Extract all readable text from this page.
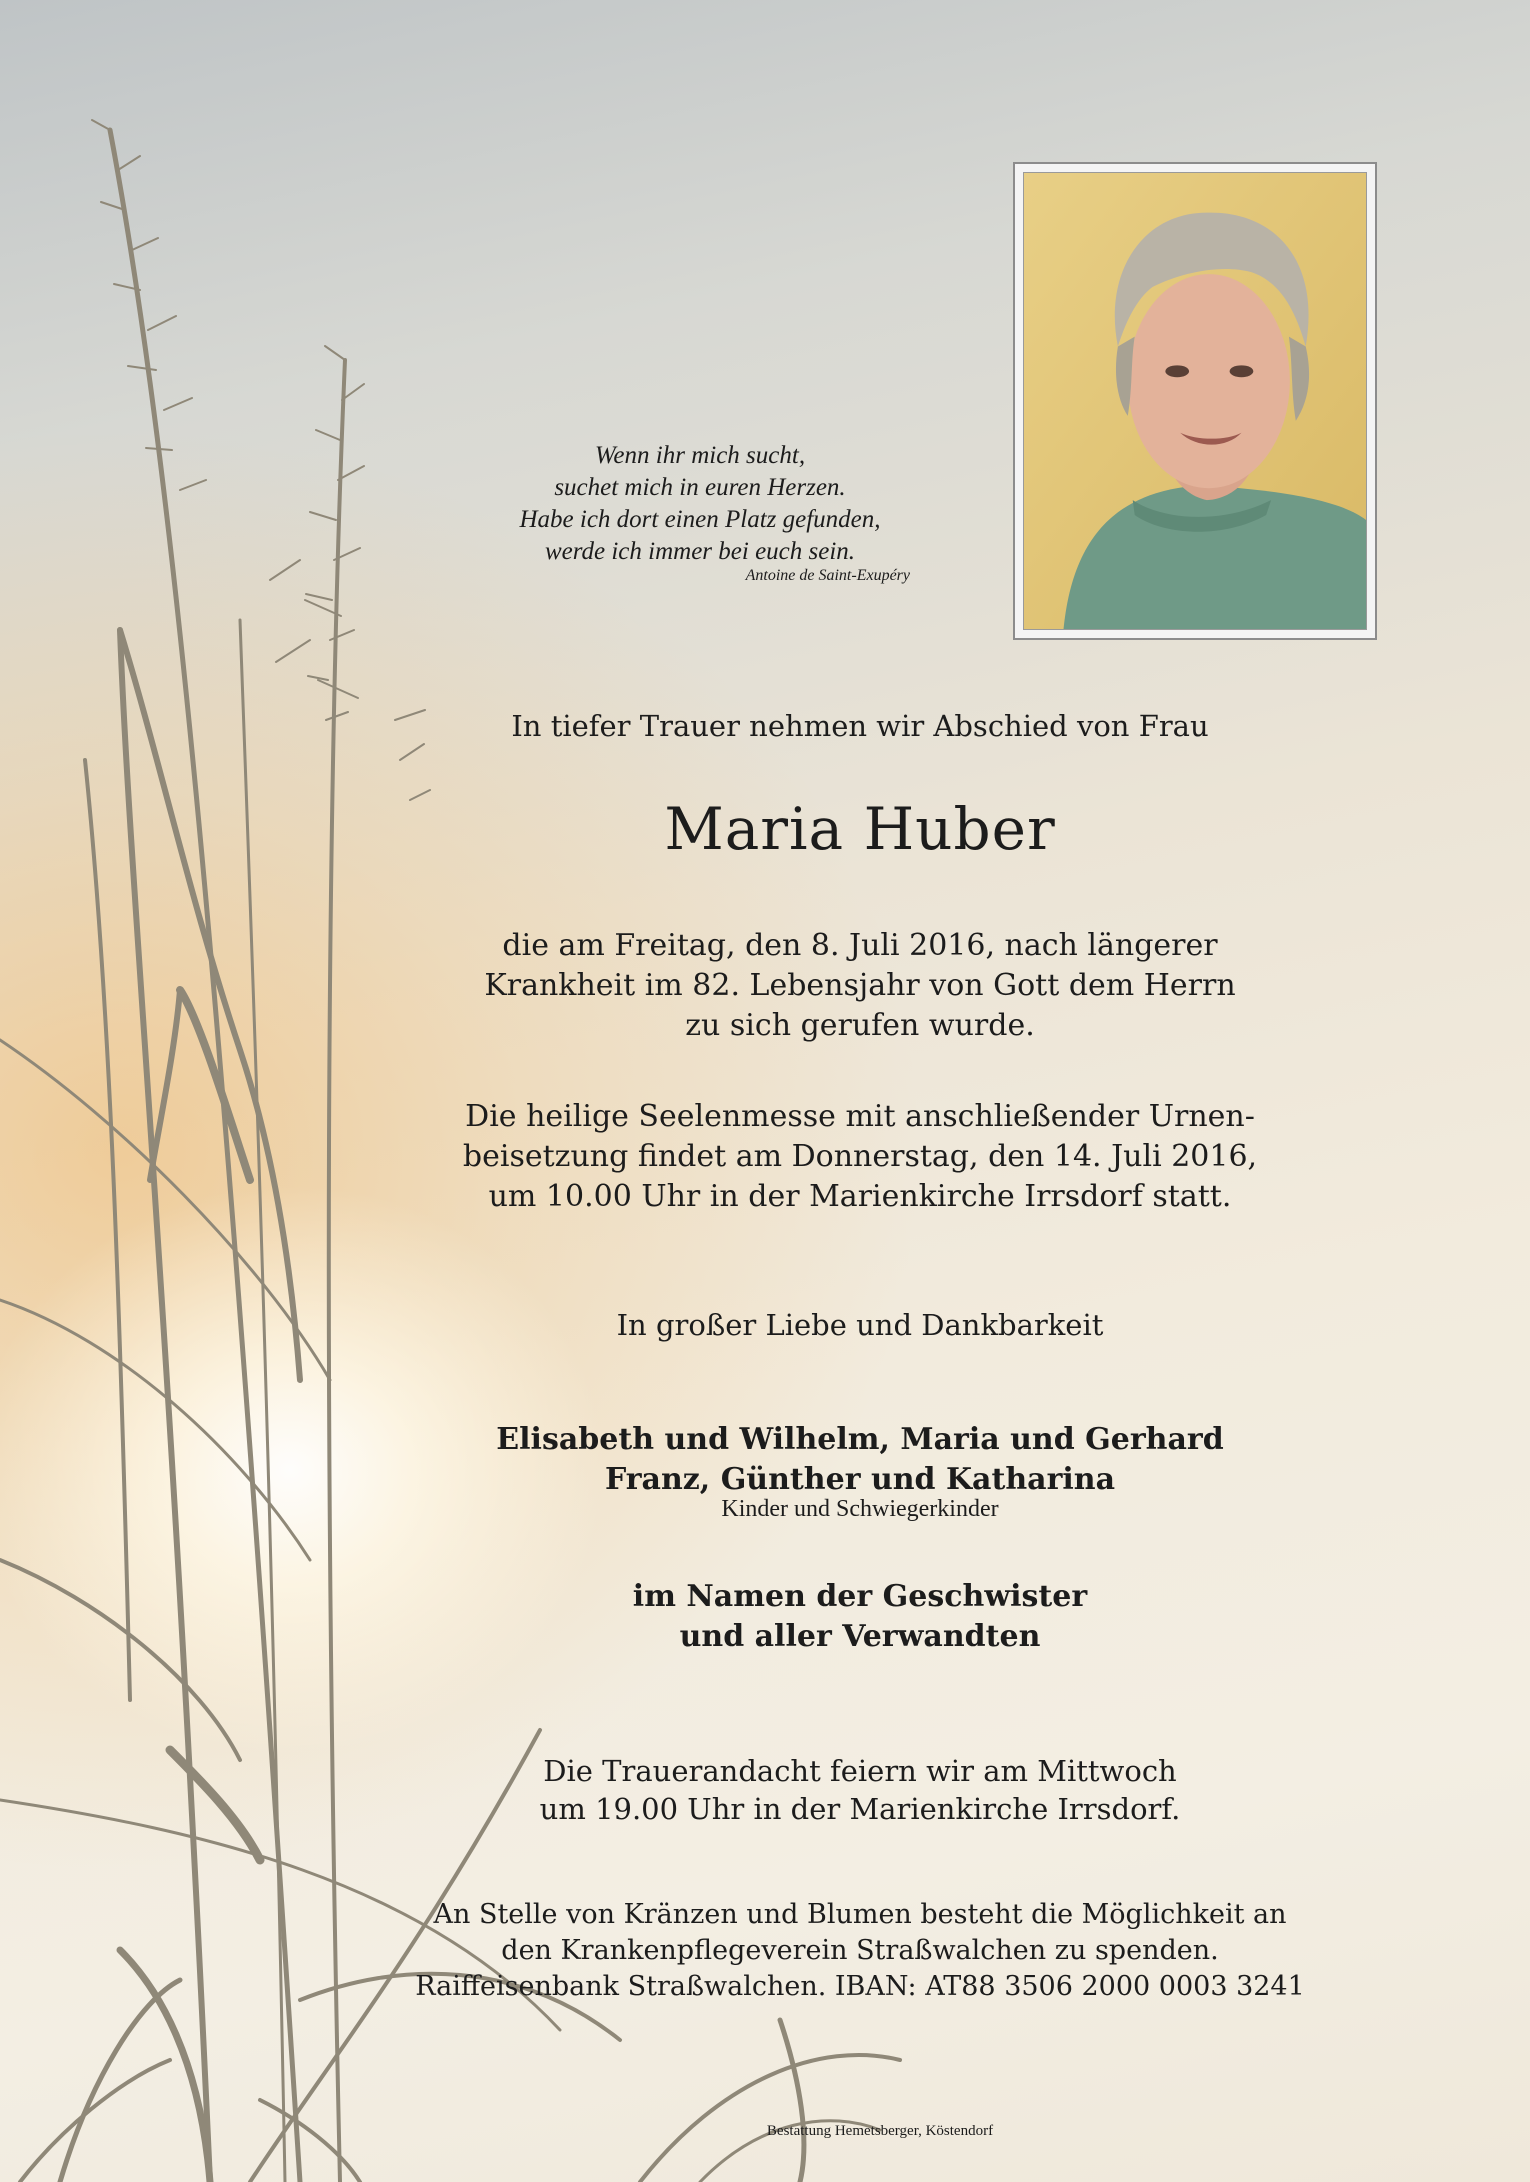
Wenn ihr mich sucht,
suchet mich in euren Herzen.
Habe ich dort einen Platz gefunden,
werde ich immer bei euch sein.
Antoine de Saint-Exupéry

In tiefer Trauer nehmen wir Abschied von Frau

Maria Huber

die am Freitag, den 8. Juli 2016, nach längerer
Krankheit im 82. Lebensjahr von Gott dem Herrn
zu sich gerufen wurde.

Die heilige Seelenmesse mit anschließender Urnen-
beisetzung findet am Donnerstag, den 14. Juli 2016,
um 10.00 Uhr in der Marienkirche Irrsdorf statt.

In großer Liebe und Dankbarkeit

Elisabeth und Wilhelm, Maria und Gerhard
Franz, Günther und Katharina

Kinder und Schwiegerkinder

im Namen der Geschwister
und aller Verwandten

Die Trauerandacht feiern wir am Mittwoch
um 19.00 Uhr in der Marienkirche Irrsdorf.

An Stelle von Kränzen und Blumen besteht die Möglichkeit an
den Krankenpflegeverein Straßwalchen zu spenden.
Raiffeisenbank Straßwalchen. IBAN: AT88 3506 2000 0003 3241

Bestattung Hemetsberger, Köstendorf
